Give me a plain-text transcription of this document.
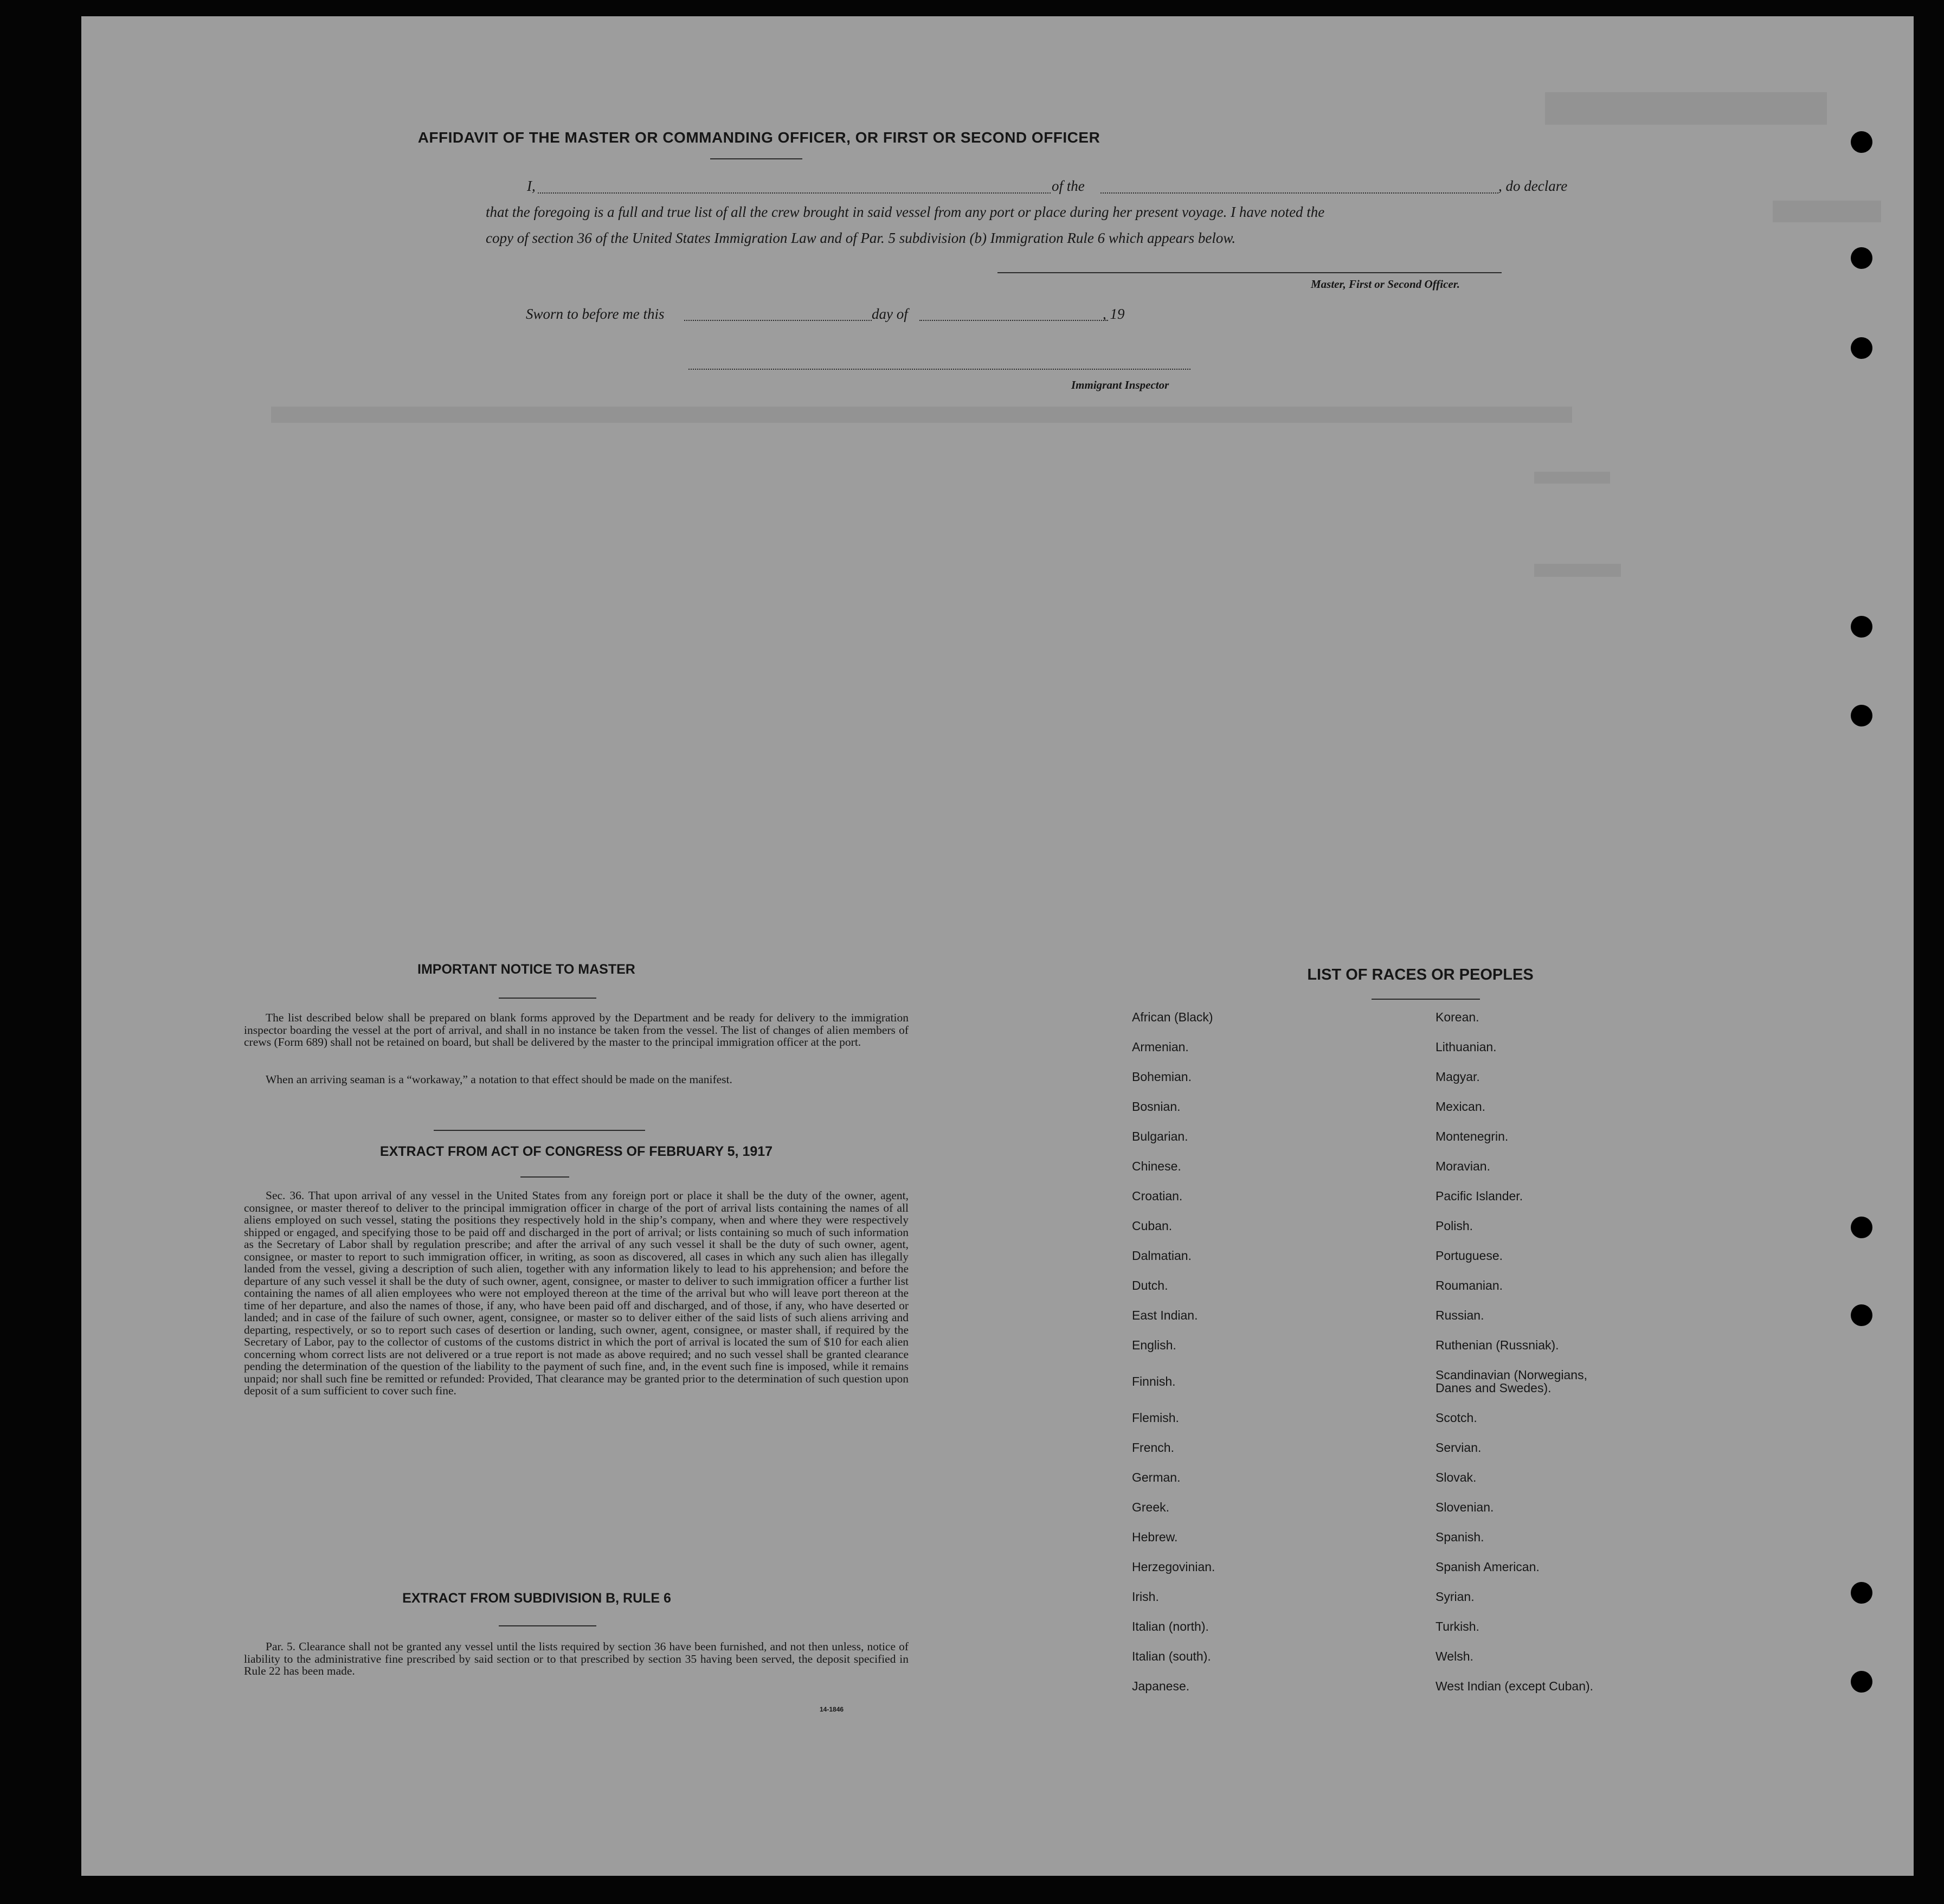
AFFIDAVIT OF THE MASTER OR COMMANDING OFFICER, OR FIRST OR SECOND OFFICER
I,	of the	, do declare
that the foregoing is a full and true list of all the crew brought in said vessel from any port or place during her present voyage. I have noted the
copy of section 36 of the United States Immigration Law and of Par. 5 subdivision (b) Immigration Rule 6 which appears below.
Master, First or Second Officer.
Sworn to before me this	day of	, 19
Immigrant Inspector
IMPORTANT NOTICE TO MASTER
The list described below shall be prepared on blank forms approved by the Department and be ready for delivery to the immigration inspector boarding the vessel at the port of arrival, and shall in no instance be taken from the vessel. The list of changes of alien members of crews (Form 689) shall not be retained on board, but shall be delivered by the master to the principal immigration officer at the port.
When an arriving seaman is a “workaway,” a notation to that effect should be made on the manifest.
EXTRACT FROM ACT OF CONGRESS OF FEBRUARY 5, 1917
Sec. 36. That upon arrival of any vessel in the United States from any foreign port or place it shall be the duty of the owner, agent, consignee, or master thereof to deliver to the principal immigration officer in charge of the port of arrival lists containing the names of all aliens employed on such vessel, stating the positions they respectively hold in the ship’s company, when and where they were respectively shipped or engaged, and specifying those to be paid off and discharged in the port of arrival; or lists containing so much of such information as the Secretary of Labor shall by regulation prescribe; and after the arrival of any such vessel it shall be the duty of such owner, agent, consignee, or master to report to such immigration officer, in writing, as soon as discovered, all cases in which any such alien has illegally landed from the vessel, giving a description of such alien, together with any information likely to lead to his apprehension; and before the departure of any such vessel it shall be the duty of such owner, agent, consignee, or master to deliver to such immigration officer a further list containing the names of all alien employees who were not employed thereon at the time of the arrival but who will leave port thereon at the time of her departure, and also the names of those, if any, who have been paid off and discharged, and of those, if any, who have deserted or landed; and in case of the failure of such owner, agent, consignee, or master so to deliver either of the said lists of such aliens arriving and departing, respectively, or so to report such cases of desertion or landing, such owner, agent, consignee, or master shall, if required by the Secretary of Labor, pay to the collector of customs of the customs district in which the port of arrival is located the sum of $10 for each alien concerning whom correct lists are not delivered or a true report is not made as above required; and no such vessel shall be granted clearance pending the determination of the question of the liability to the payment of such fine, and, in the event such fine is imposed, while it remains unpaid; nor shall such fine be remitted or refunded: Provided, That clearance may be granted prior to the determination of such question upon deposit of a sum sufficient to cover such fine.
EXTRACT FROM SUBDIVISION B, RULE 6
Par. 5. Clearance shall not be granted any vessel until the lists required by section 36 have been furnished, and not then unless, notice of liability to the administrative fine prescribed by said section or to that prescribed by section 35 having been served, the deposit specified in Rule 22 has been made.
14-1846
LIST OF RACES OR PEOPLES
African (Black)
Armenian.
Bohemian.
Bosnian.
Bulgarian.
Chinese.
Croatian.
Cuban.
Dalmatian.
Dutch.
East Indian.
English.
Finnish.
Flemish.
French.
German.
Greek.
Hebrew.
Herzegovinian.
Irish.
Italian (north).
Italian (south).
Japanese.
Korean.
Lithuanian.
Magyar.
Mexican.
Montenegrin.
Moravian.
Pacific Islander.
Polish.
Portuguese.
Roumanian.
Russian.
Ruthenian (Russniak).
Scandinavian (Norwegians,
Danes and Swedes).
Scotch.
Servian.
Slovak.
Slovenian.
Spanish.
Spanish American.
Syrian.
Turkish.
Welsh.
West Indian (except Cuban).
